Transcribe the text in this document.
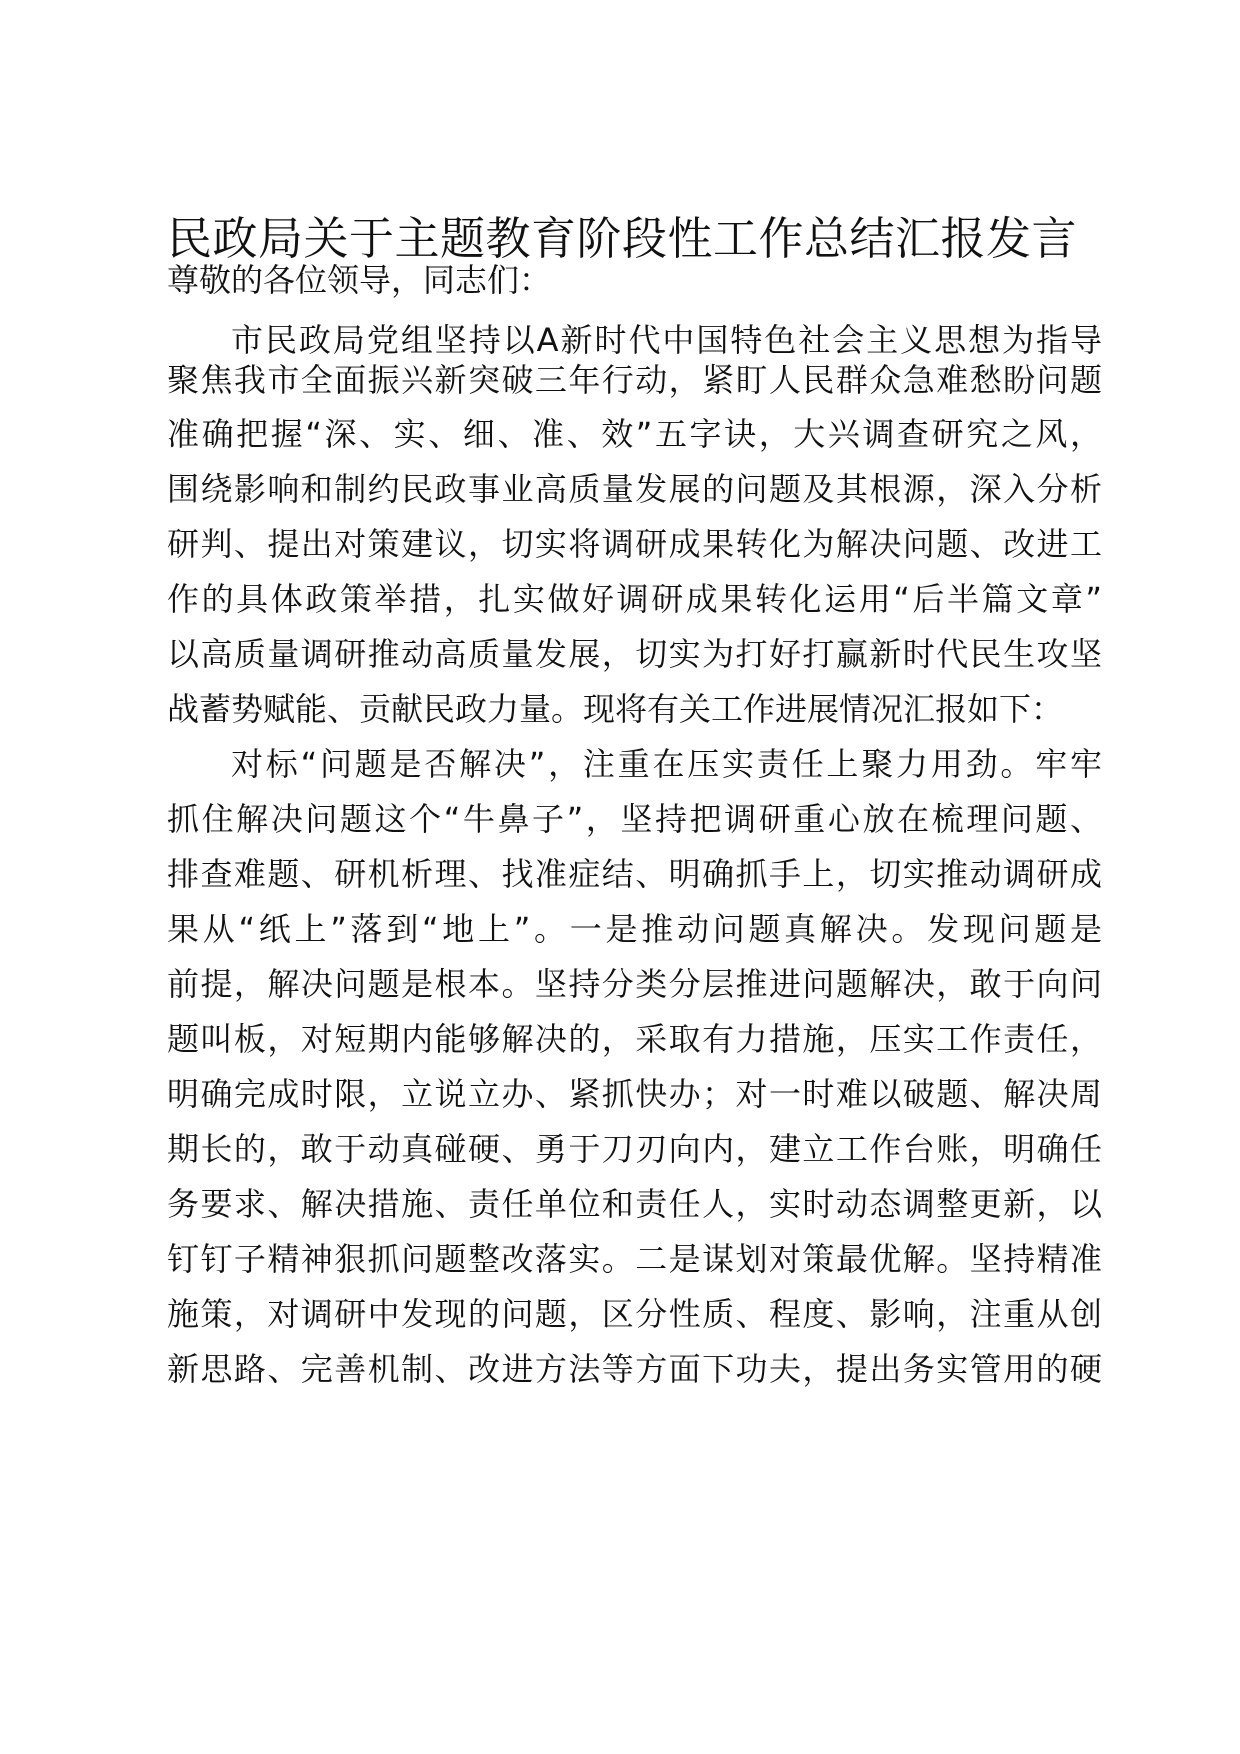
民政局关于主题教育阶段性工作总结汇报发言
尊敬的各位领导，同志们：
市民政局党组坚持以A新时代中国特色社会主义思想为指导
聚焦我市全面振兴新突破三年行动，紧盯人民群众急难愁盼问题
准确把握“深、实、细、准、效”五字诀，大兴调查研究之风，
围绕影响和制约民政事业高质量发展的问题及其根源，深入分析
研判、提出对策建议，切实将调研成果转化为解决问题、改进工
作的具体政策举措，扎实做好调研成果转化运用“后半篇文章”
以高质量调研推动高质量发展，切实为打好打赢新时代民生攻坚
战蓄势赋能、贡献民政力量。现将有关工作进展情况汇报如下：
对标“问题是否解决”，注重在压实责任上聚力用劲。牢牢
抓住解决问题这个“牛鼻子”，坚持把调研重心放在梳理问题、
排查难题、研机析理、找准症结、明确抓手上，切实推动调研成
果从“纸上”落到“地上”。一是推动问题真解决。发现问题是
前提，解决问题是根本。坚持分类分层推进问题解决，敢于向问
题叫板，对短期内能够解决的，采取有力措施，压实工作责任，
明确完成时限，立说立办、紧抓快办；对一时难以破题、解决周
期长的，敢于动真碰硬、勇于刀刃向内，建立工作台账，明确任
务要求、解决措施、责任单位和责任人，实时动态调整更新，以
钉钉子精神狠抓问题整改落实。二是谋划对策最优解。坚持精准
施策，对调研中发现的问题，区分性质、程度、影响，注重从创
新思路、完善机制、改进方法等方面下功夫，提出务实管用的硬
